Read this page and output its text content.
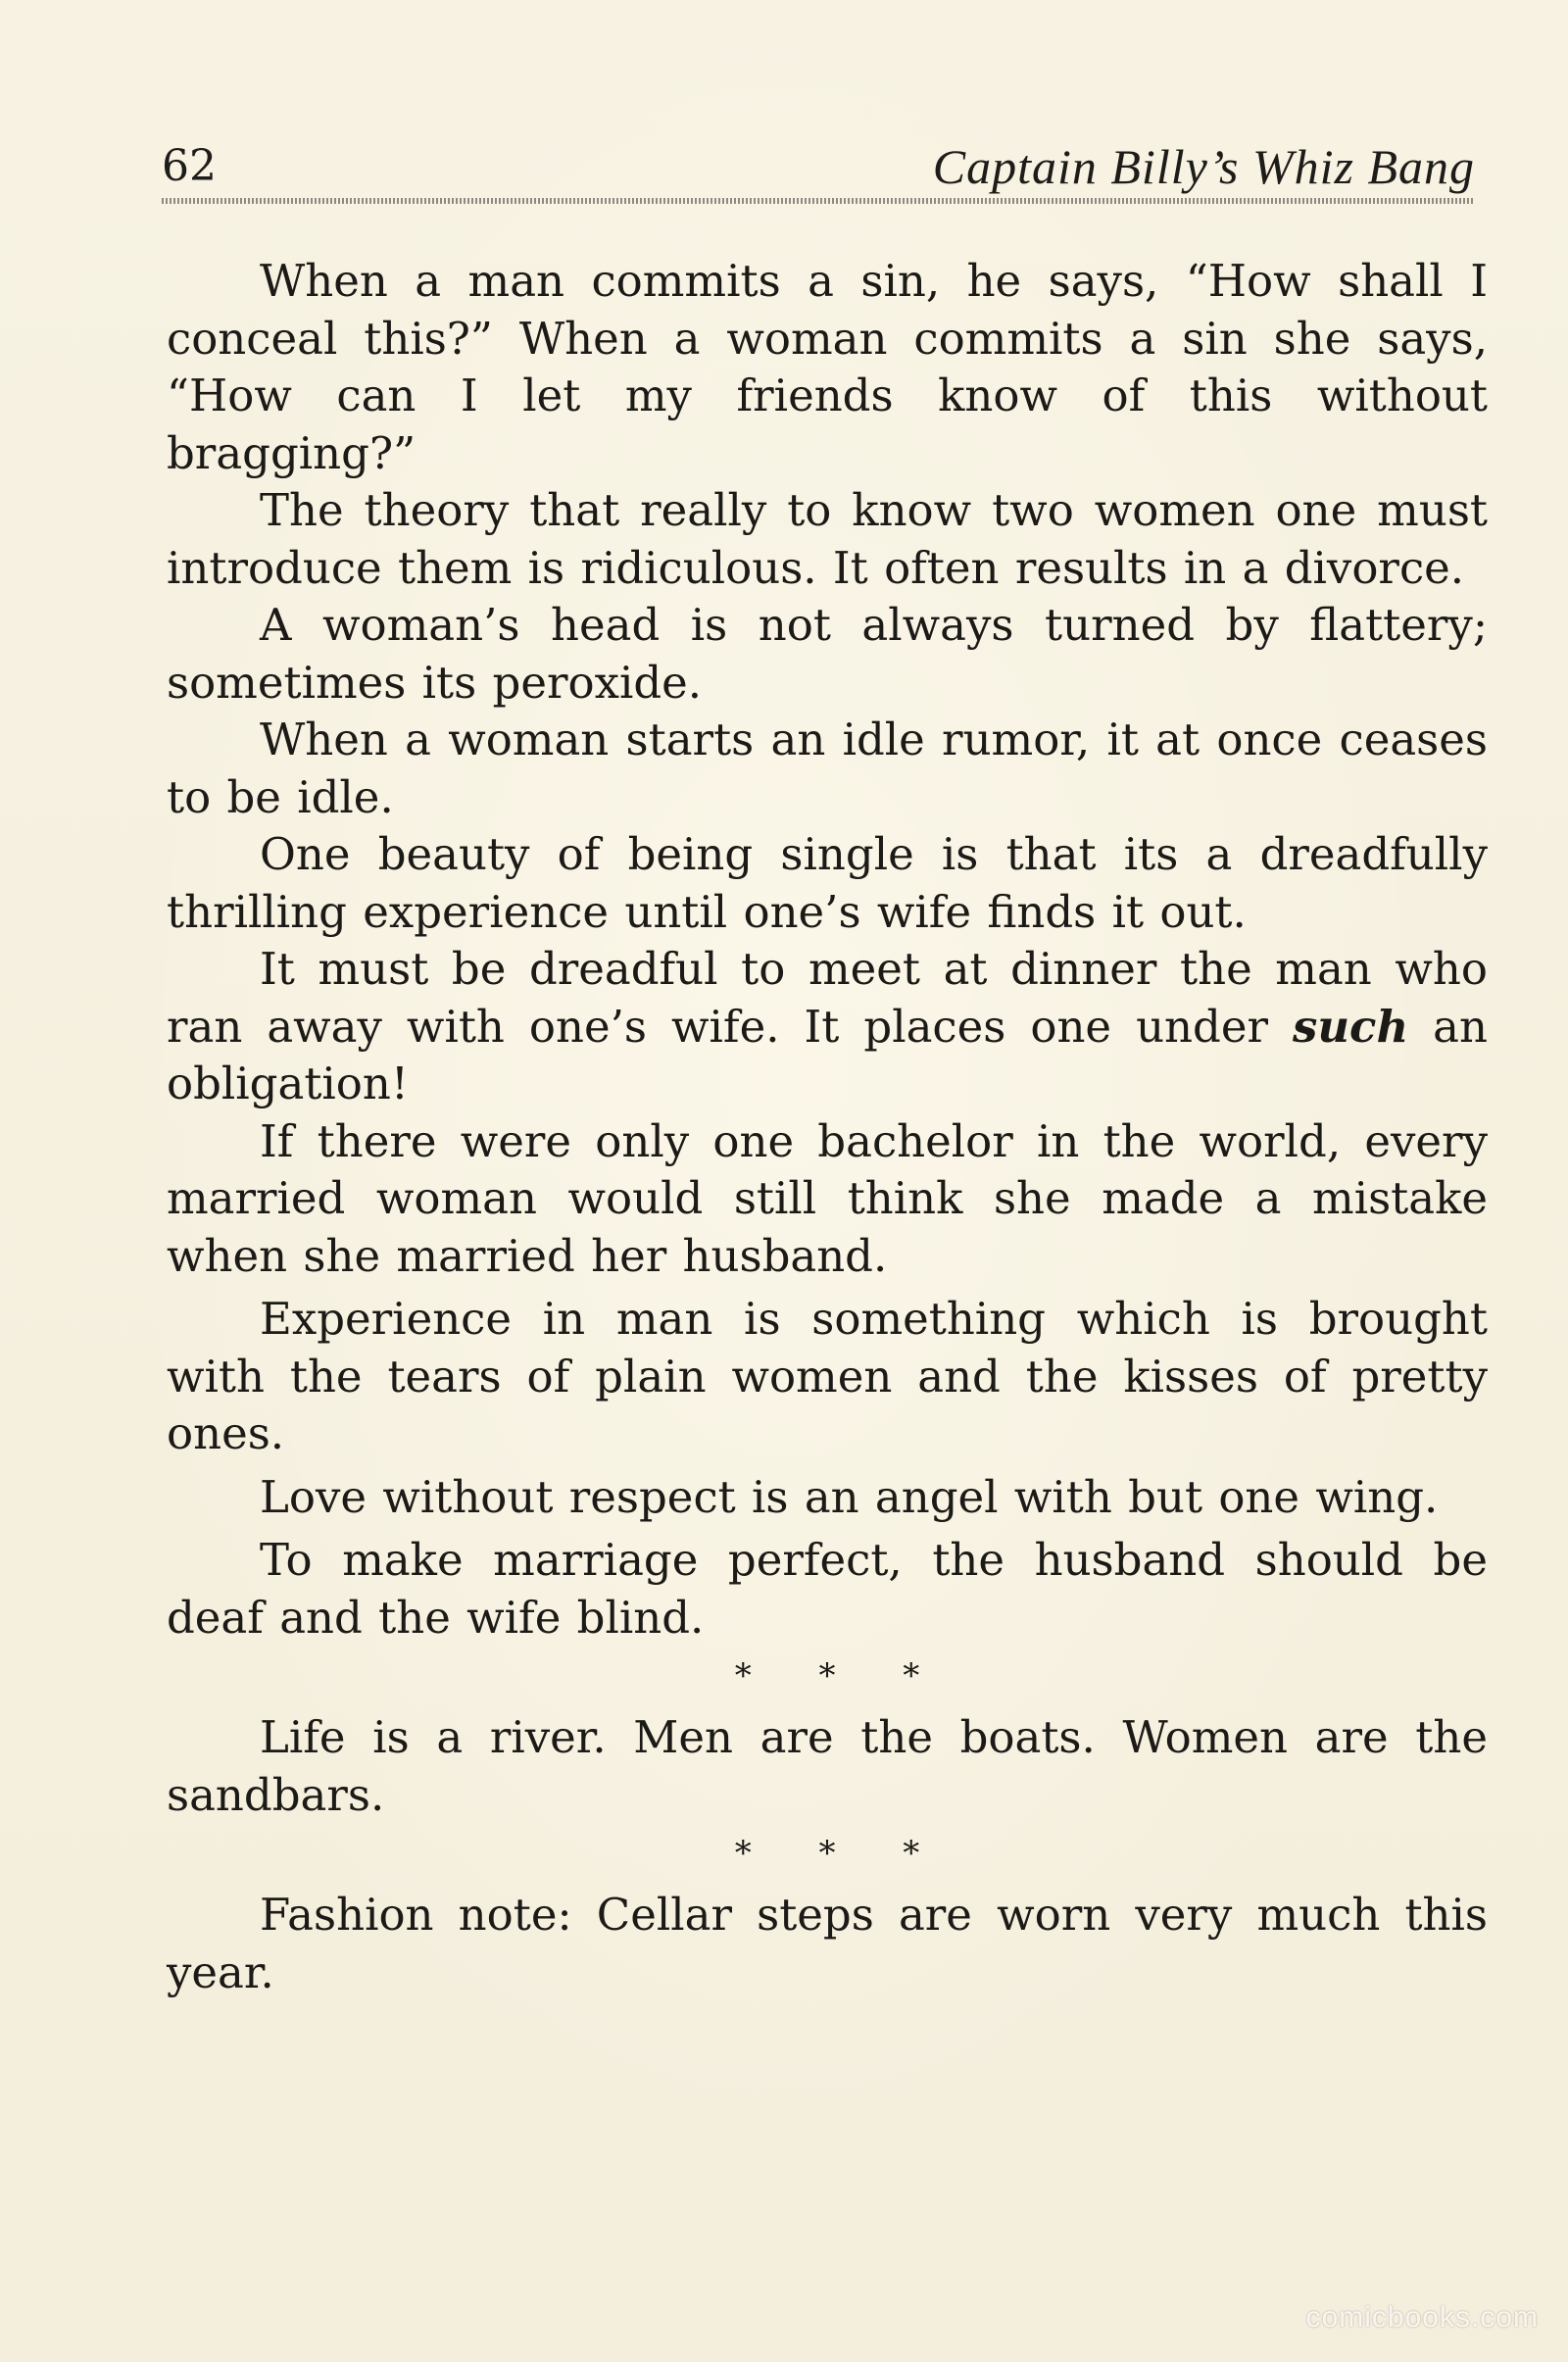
62	Captain Billy’s Whiz Bang

When a man commits a sin, he says, “How shall I conceal this?” When a woman commits a sin she says, “How can I let my friends know of this without bragging?”

The theory that really to know two women one must introduce them is ridiculous. It often results in a divorce.

A woman’s head is not always turned by flattery; sometimes its peroxide.

When a woman starts an idle rumor, it at once ceases to be idle.

One beauty of being single is that its a dreadfully thrilling experience until one’s wife finds it out.

It must be dreadful to meet at dinner the man who ran away with one’s wife. It places one under such an obligation!

If there were only one bachelor in the world, every married woman would still think she made a mistake when she married her husband.

Experience in man is something which is brought with the tears of plain women and the kisses of pretty ones.

Love without respect is an angel with but one wing.

To make marriage perfect, the husband should be deaf and the wife blind.

* * *

Life is a river. Men are the boats. Women are the sandbars.

* * *

Fashion note: Cellar steps are worn very much this year.

comicbooks.com
